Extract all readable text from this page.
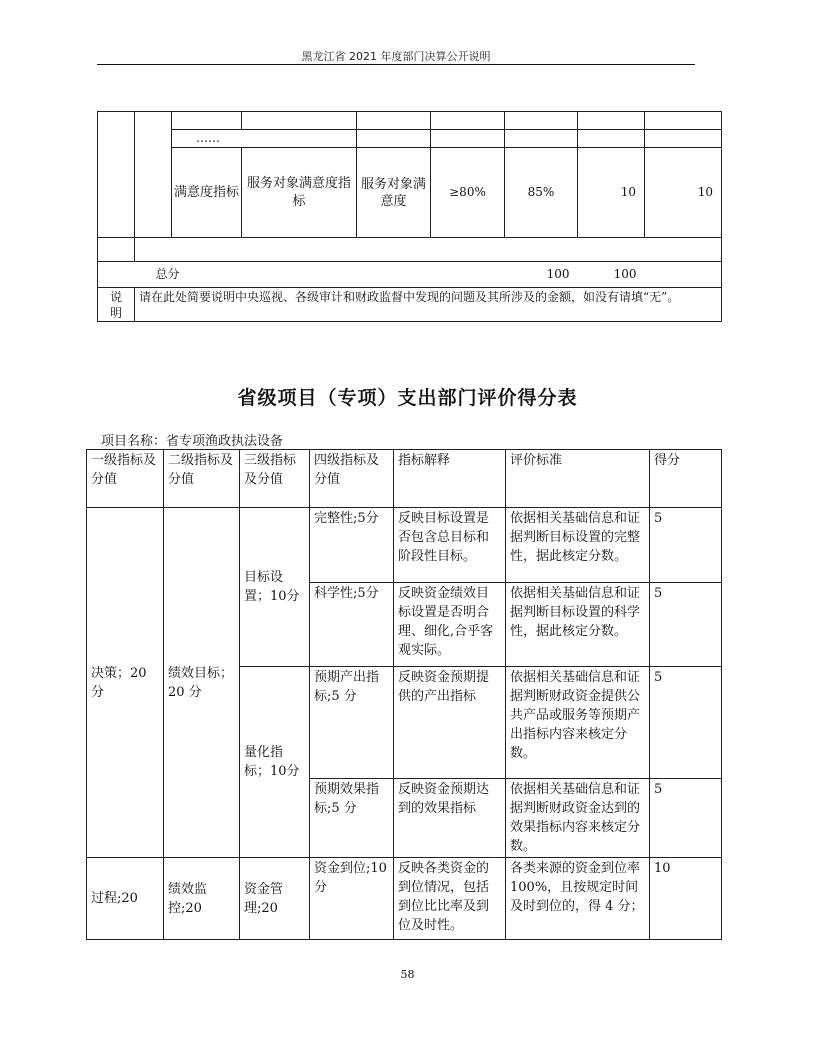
黑龙江省 2021 年度部门决算公开说明

		……							
		满意度指标	服务对象满意度指标	服务对象满意度	≥80%	85%	10	10	

		总分				100	100		
说明	请在此处简要说明中央巡视、各级审计和财政监督中发现的问题及其所涉及的金额，如没有请填“无”。								
省级项目（专项）支出部门评价得分表
项目名称：省专项渔政执法设备
一级指标及分值	二级指标及分值	三级指标及分值	四级指标及分值	指标解释	评价标准	得分
决策；20分	绩效目标；20 分	目标设置；10分	完整性;5分	反映目标设置是否包含总目标和阶段性目标。	依据相关基础信息和证据判断目标设置的完整性，据此核定分数。	5
			科学性;5分	反映资金绩效目标设置是否明合理、细化,合乎客观实际。	依据相关基础信息和证据判断目标设置的科学性，据此核定分数。	5
		量化指标；10分	预期产出指标;5 分	反映资金预期提供的产出指标	依据相关基础信息和证据判断财政资金提供公共产品或服务等预期产出指标内容来核定分数。	5
			预期效果指标;5 分	反映资金预期达到的效果指标	依据相关基础信息和证据判断财政资金达到的效果指标内容来核定分数。	5
过程;20	绩效监控;20	资金管理;20	资金到位;10 分	反映各类资金的到位情况，包括到位比比率及到位及时性。	各类来源的资金到位率 100%，且按规定时间及时到位的，得 4 分；	10
58
